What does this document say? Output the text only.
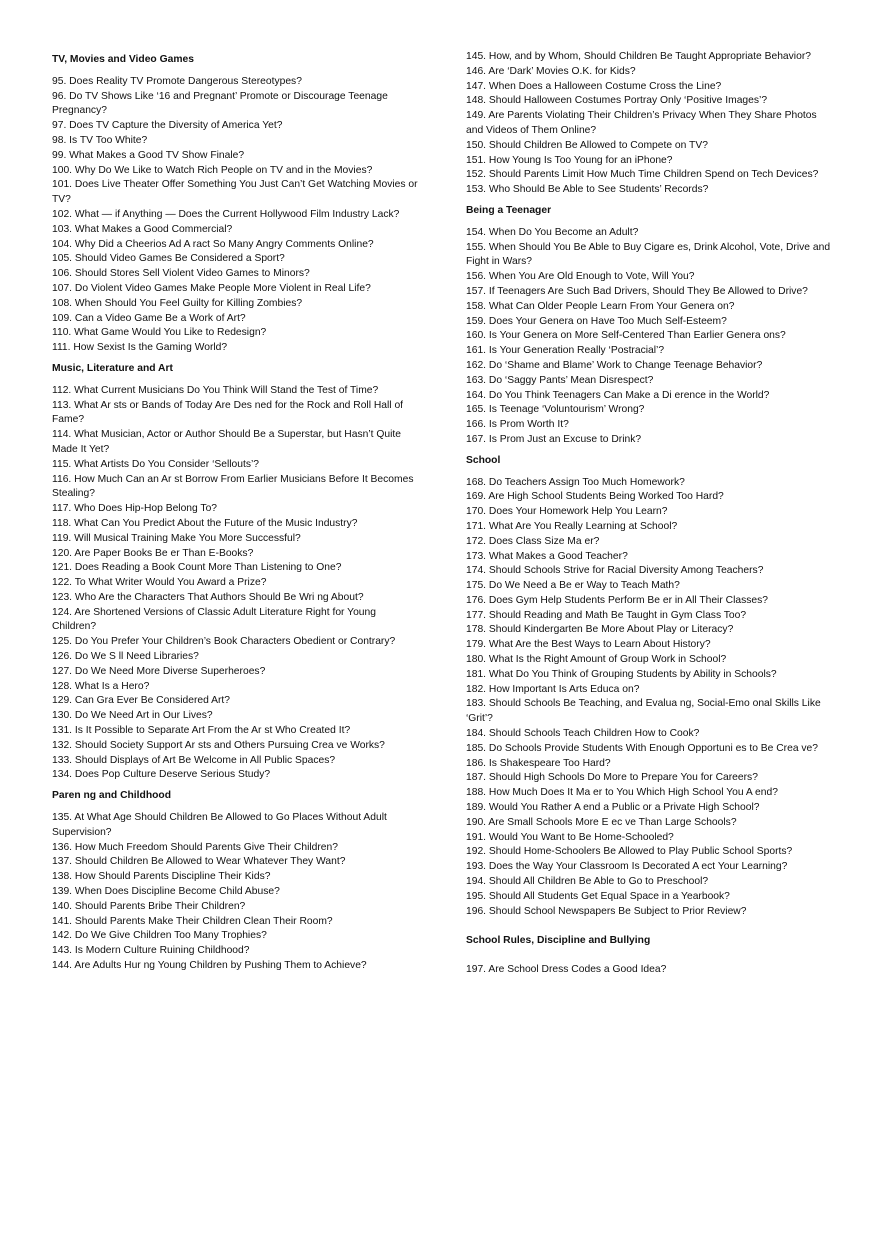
TV, Movies and Video Games

95. Does Reality TV Promote Dangerous Stereotypes?

96. Do TV Shows Like ‘16 and Pregnant’ Promote or Discourage Teenage Pregnancy?

97. Does TV Capture the Diversity of America Yet?

98. Is TV Too White?

99. What Makes a Good TV Show Finale?

100. Why Do We Like to Watch Rich People on TV and in the Movies?

101. Does Live Theater Offer Something You Just Can’t Get Watching Movies or TV?

102. What — if Anything — Does the Current Hollywood Film Industry Lack?

103. What Makes a Good Commercial?

104. Why Did a Cheerios Ad A ract So Many Angry Comments Online?

105. Should Video Games Be Considered a Sport?

106. Should Stores Sell Violent Video Games to Minors?

107. Do Violent Video Games Make People More Violent in Real Life?

108. When Should You Feel Guilty for Killing Zombies?

109. Can a Video Game Be a Work of Art?

110. What Game Would You Like to Redesign?

111. How Sexist Is the Gaming World?

Music, Literature and Art

112. What Current Musicians Do You Think Will Stand the Test of Time?

113. What Ar sts or Bands of Today Are Des ned for the Rock and Roll Hall of Fame?

114. What Musician, Actor or Author Should Be a Superstar, but Hasn’t Quite Made It Yet?

115. What Artists Do You Consider ‘Sellouts’?

116. How Much Can an Ar st Borrow From Earlier Musicians Before It Becomes Stealing?

117. Who Does Hip-Hop Belong To?

118. What Can You Predict About the Future of the Music Industry?

119. Will Musical Training Make You More Successful?

120. Are Paper Books Be er Than E-Books?

121. Does Reading a Book Count More Than Listening to One?

122. To What Writer Would You Award a Prize?

123. Who Are the Characters That Authors Should Be Wri ng About?

124. Are Shortened Versions of Classic Adult Literature Right for Young Children?

125. Do You Prefer Your Children’s Book Characters Obedient or Contrary?

126. Do We S ll Need Libraries?

127. Do We Need More Diverse Superheroes?

128. What Is a Hero?

129. Can Gra Ever Be Considered Art?

130. Do We Need Art in Our Lives?

131. Is It Possible to Separate Art From the Ar st Who Created It?

132. Should Society Support Ar sts and Others Pursuing Crea ve Works?

133. Should Displays of Art Be Welcome in All Public Spaces?

134. Does Pop Culture Deserve Serious Study?

Paren ng and Childhood

135. At What Age Should Children Be Allowed to Go Places Without Adult Supervision?

136. How Much Freedom Should Parents Give Their Children?

137. Should Children Be Allowed to Wear Whatever They Want?

138. How Should Parents Discipline Their Kids?

139. When Does Discipline Become Child Abuse?

140. Should Parents Bribe Their Children?

141. Should Parents Make Their Children Clean Their Room?

142. Do We Give Children Too Many Trophies?

143. Is Modern Culture Ruining Childhood?

144. Are Adults Hur ng Young Children by Pushing Them to Achieve?

145. How, and by Whom, Should Children Be Taught Appropriate Behavior?

146. Are ‘Dark’ Movies O.K. for Kids?

147. When Does a Halloween Costume Cross the Line?

148. Should Halloween Costumes Portray Only ‘Positive Images’?

149. Are Parents Violating Their Children’s Privacy When They Share Photos and Videos of Them Online?

150. Should Children Be Allowed to Compete on TV?

151. How Young Is Too Young for an iPhone?

152. Should Parents Limit How Much Time Children Spend on Tech Devices?

153. Who Should Be Able to See Students’ Records?

Being a Teenager

154. When Do You Become an Adult?

155. When Should You Be Able to Buy Cigare es, Drink Alcohol, Vote, Drive and Fight in Wars?

156. When You Are Old Enough to Vote, Will You?

157. If Teenagers Are Such Bad Drivers, Should They Be Allowed to Drive?

158. What Can Older People Learn From Your Genera on?

159. Does Your Genera on Have Too Much Self-Esteem?

160. Is Your Genera on More Self-Centered Than Earlier Genera ons?

161. Is Your Generation Really ‘Postracial’?

162. Do ‘Shame and Blame’ Work to Change Teenage Behavior?

163. Do ‘Saggy Pants’ Mean Disrespect?

164. Do You Think Teenagers Can Make a Di erence in the World?

165. Is Teenage ‘Voluntourism’ Wrong?

166. Is Prom Worth It?

167. Is Prom Just an Excuse to Drink?

School

168. Do Teachers Assign Too Much Homework?

169. Are High School Students Being Worked Too Hard?

170. Does Your Homework Help You Learn?

171. What Are You Really Learning at School?

172. Does Class Size Ma er?

173. What Makes a Good Teacher?

174. Should Schools Strive for Racial Diversity Among Teachers?

175. Do We Need a Be er Way to Teach Math?

176. Does Gym Help Students Perform Be er in All Their Classes?

177. Should Reading and Math Be Taught in Gym Class Too?

178. Should Kindergarten Be More About Play or Literacy?

179. What Are the Best Ways to Learn About History?

180. What Is the Right Amount of Group Work in School?

181. What Do You Think of Grouping Students by Ability in Schools?

182. How Important Is Arts Educa on?

183. Should Schools Be Teaching, and Evalua ng, Social-Emo onal Skills Like ‘Grit’?

184. Should Schools Teach Children How to Cook?

185. Do Schools Provide Students With Enough Opportuni es to Be Crea ve?

186. Is Shakespeare Too Hard?

187. Should High Schools Do More to Prepare You for Careers?

188. How Much Does It Ma er to You Which High School You A end?

189. Would You Rather A end a Public or a Private High School?

190. Are Small Schools More E ec ve Than Large Schools?

191. Would You Want to Be Home-Schooled?

192. Should Home-Schoolers Be Allowed to Play Public School Sports?

193. Does the Way Your Classroom Is Decorated A ect Your Learning?

194. Should All Children Be Able to Go to Preschool?

195. Should All Students Get Equal Space in a Yearbook?

196. Should School Newspapers Be Subject to Prior Review?

School Rules, Discipline and Bullying

197. Are School Dress Codes a Good Idea?
